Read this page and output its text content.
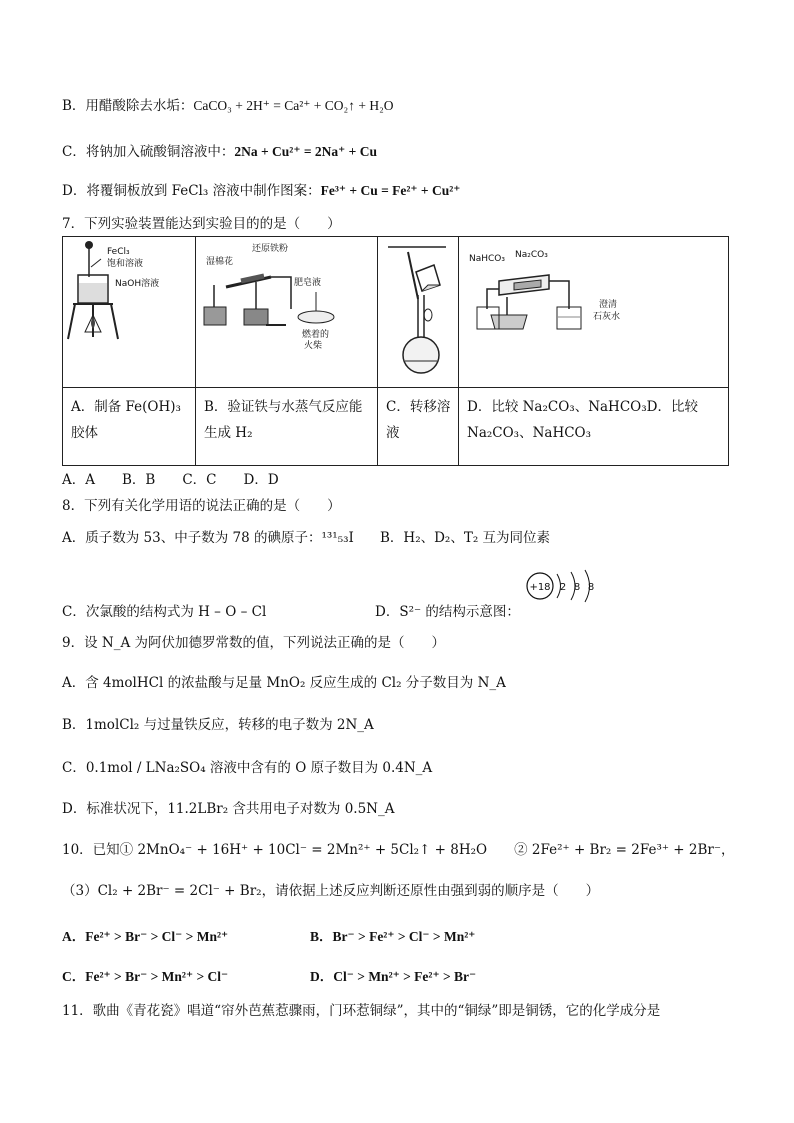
B．用醋酸除去水垢：CaCO₃ + 2H⁺ = Ca²⁺ + CO₂↑ + H₂O
C．将钠加入硫酸铜溶液中：2Na + Cu²⁺ = 2Na⁺ + Cu
D．将覆铜板放到 FeCl₃ 溶液中制作图案：Fe³⁺ + Cu = Fe²⁺ + Cu²⁺
7．下列实验装置能达到实验目的的是（　　）
FeCl₃
饱和溶液
NaOH溶液	还原铁粉
湿棉花
肥皂液
燃着的
火柴		NaHCO₃ Na₂CO₃
澄清
石灰水

A．制备 Fe(OH)₃ 胶体	B．验证铁与水蒸气反应能生成 H₂	C．转移溶液	D．比较 Na₂CO₃、NaHCO₃D．比较 Na₂CO₃、NaHCO₃
A．A　　B．B　　C．C　　D．D
8．下列有关化学用语的说法正确的是（　　）
A．质子数为 53、中子数为 78 的碘原子：¹³¹₅₃I B．H₂、D₂、T₂ 互为同位素
C．次氯酸的结构式为 H – O – Cl	D．S²⁻ 的结构示意图：
+18 2 8 8
9．设 N_A 为阿伏加德罗常数的值，下列说法正确的是（　　）
A．含 4molHCl 的浓盐酸与足量 MnO₂ 反应生成的 Cl₂ 分子数目为 N_A
B．1molCl₂ 与过量铁反应，转移的电子数为 2N_A
C．0.1mol / LNa₂SO₄ 溶液中含有的 O 原子数目为 0.4N_A
D．标准状况下，11.2LBr₂ 含共用电子对数为 0.5N_A
10．已知① 2MnO₄⁻ + 16H⁺ + 10Cl⁻ = 2Mn²⁺ + 5Cl₂↑ + 8H₂O　　② 2Fe²⁺ + Br₂ = 2Fe³⁺ + 2Br⁻，
（3）Cl₂ + 2Br⁻ = 2Cl⁻ + Br₂，请依据上述反应判断还原性由强到弱的顺序是（　　）
A．Fe²⁺ > Br⁻ > Cl⁻ > Mn²⁺	B．Br⁻ > Fe²⁺ > Cl⁻ > Mn²⁺
C．Fe²⁺ > Br⁻ > Mn²⁺ > Cl⁻	D．Cl⁻ > Mn²⁺ > Fe²⁺ > Br⁻
11．歌曲《青花瓷》唱道“帘外芭蕉惹骤雨，门环惹铜绿”，其中的“铜绿”即是铜锈，它的化学成分是
